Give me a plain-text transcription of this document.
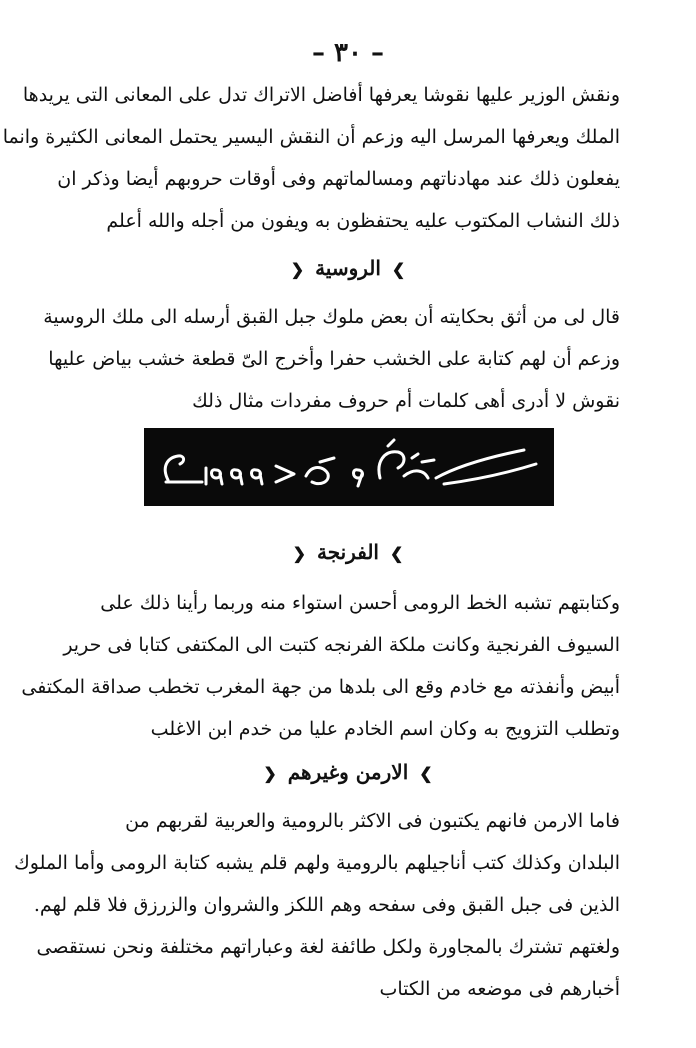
– ٣٠ –
ونقش الوزير عليها نقوشا يعرفها أفاضل الاتراك تدل على المعانى التى يريدها
الملك ويعرفها المرسل اليه وزعم أن النقش اليسير يحتمل المعانى الكثيرة وانما
يفعلون ذلك عند مهادناتهم ومسالماتهم وفى أوقات حروبهم أيضا وذكر ان
ذلك النشاب المكتوب عليه يحتفظون به ويفون من أجله والله أعلم
❯ الروسية ❮
قال لى من أثق بحكايته أن بعض ملوك جبل القبق أرسله الى ملك الروسية
وزعم أن لهم كتابة على الخشب حفرا وأخرج الىّ قطعة خشب بياض عليها
نقوش لا أدرى أهى كلمات أم حروف مفردات مثال ذلك
❯ الفرنجة ❮
وكتابتهم تشبه الخط الرومى أحسن استواء منه وربما رأينا ذلك على
السيوف الفرنجية وكانت ملكة الفرنجه كتبت الى المكتفى كتابا فى حرير
أبيض وأنفذته مع خادم وقع الى بلدها من جهة المغرب تخطب صداقة المكتفى
وتطلب التزويج به وكان اسم الخادم عليا من خدم ابن الاغلب
❯ الارمن وغيرهم ❮
فاما الارمن فانهم يكتبون فى الاكثر بالرومية والعربية لقربهم من
البلدان وكذلك كتب أناجيلهم بالرومية ولهم قلم يشبه كتابة الرومى وأما الملوك
الذين فى جبل القبق وفى سفحه وهم اللكز والشروان والزرزق فلا قلم لهم.
ولغتهم تشترك بالمجاورة ولكل طائفة لغة وعباراتهم مختلفة ونحن نستقصى
أخبارهم فى موضعه من الكتاب
